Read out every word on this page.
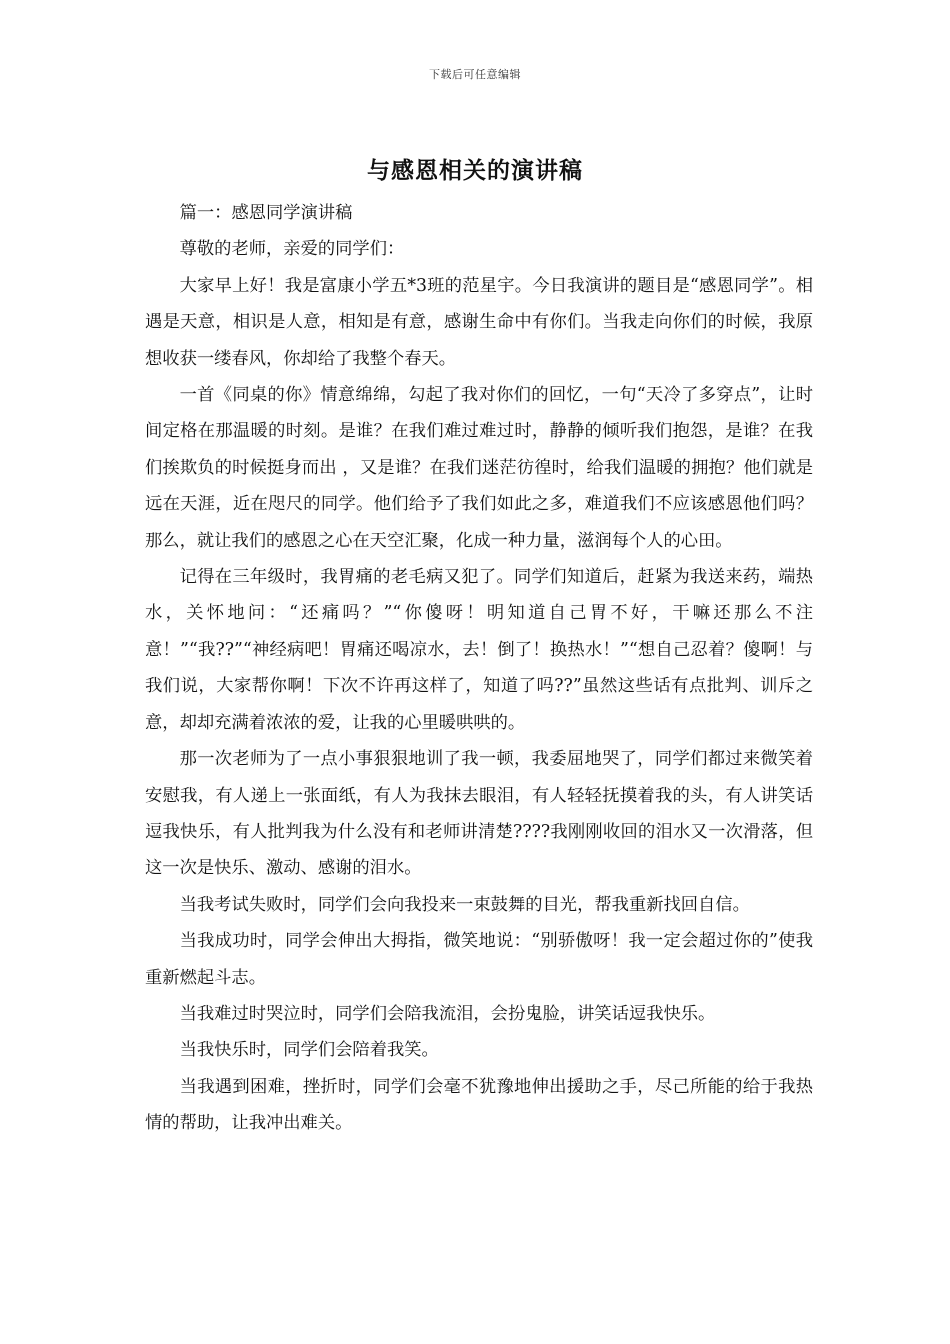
下载后可任意编辑
与感恩相关的演讲稿

篇一：感恩同学演讲稿

尊敬的老师，亲爱的同学们：

大家早上好！我是富康小学五*3班的范星宇。今日我演讲的题目是“感恩同学”。相遇是天意，相识是人意，相知是有意，感谢生命中有你们。当我走向你们的时候，我原想收获一缕春风，你却给了我整个春天。

一首《同桌的你》情意绵绵，勾起了我对你们的回忆，一句“天冷了多穿点”，让时间定格在那温暖的时刻。是谁？在我们难过难过时，静静的倾听我们抱怨，是谁？在我们挨欺负的时候挺身而出 ，又是谁？在我们迷茫彷徨时，给我们温暖的拥抱？他们就是远在天涯，近在咫尺的同学。他们给予了我们如此之多，难道我们不应该感恩他们吗？那么，就让我们的感恩之心在天空汇聚，化成一种力量，滋润每个人的心田。

记得在三年级时，我胃痛的老毛病又犯了。同学们知道后，赶紧为我送来药，端热水，关怀地问：“还痛吗？”“你傻呀！明知道自己胃不好，干嘛还那么不注意！”“我??”“神经病吧！胃痛还喝凉水，去！倒了！换热水！”“想自己忍着？傻啊！与我们说，大家帮你啊！下次不许再这样了，知道了吗??”虽然这些话有点批判、训斥之意，却却充满着浓浓的爱，让我的心里暖哄哄的。

那一次老师为了一点小事狠狠地训了我一顿，我委屈地哭了，同学们都过来微笑着安慰我，有人递上一张面纸，有人为我抹去眼泪，有人轻轻抚摸着我的头，有人讲笑话逗我快乐，有人批判我为什么没有和老师讲清楚????我刚刚收回的泪水又一次滑落，但这一次是快乐、激动、感谢的泪水。

当我考试失败时，同学们会向我投来一束鼓舞的目光，帮我重新找回自信。

当我成功时，同学会伸出大拇指，微笑地说：“别骄傲呀！我一定会超过你的”使我重新燃起斗志。

当我难过时哭泣时，同学们会陪我流泪，会扮鬼脸，讲笑话逗我快乐。

当我快乐时，同学们会陪着我笑。

当我遇到困难，挫折时，同学们会毫不犹豫地伸出援助之手，尽己所能的给于我热情的帮助，让我冲出难关。
